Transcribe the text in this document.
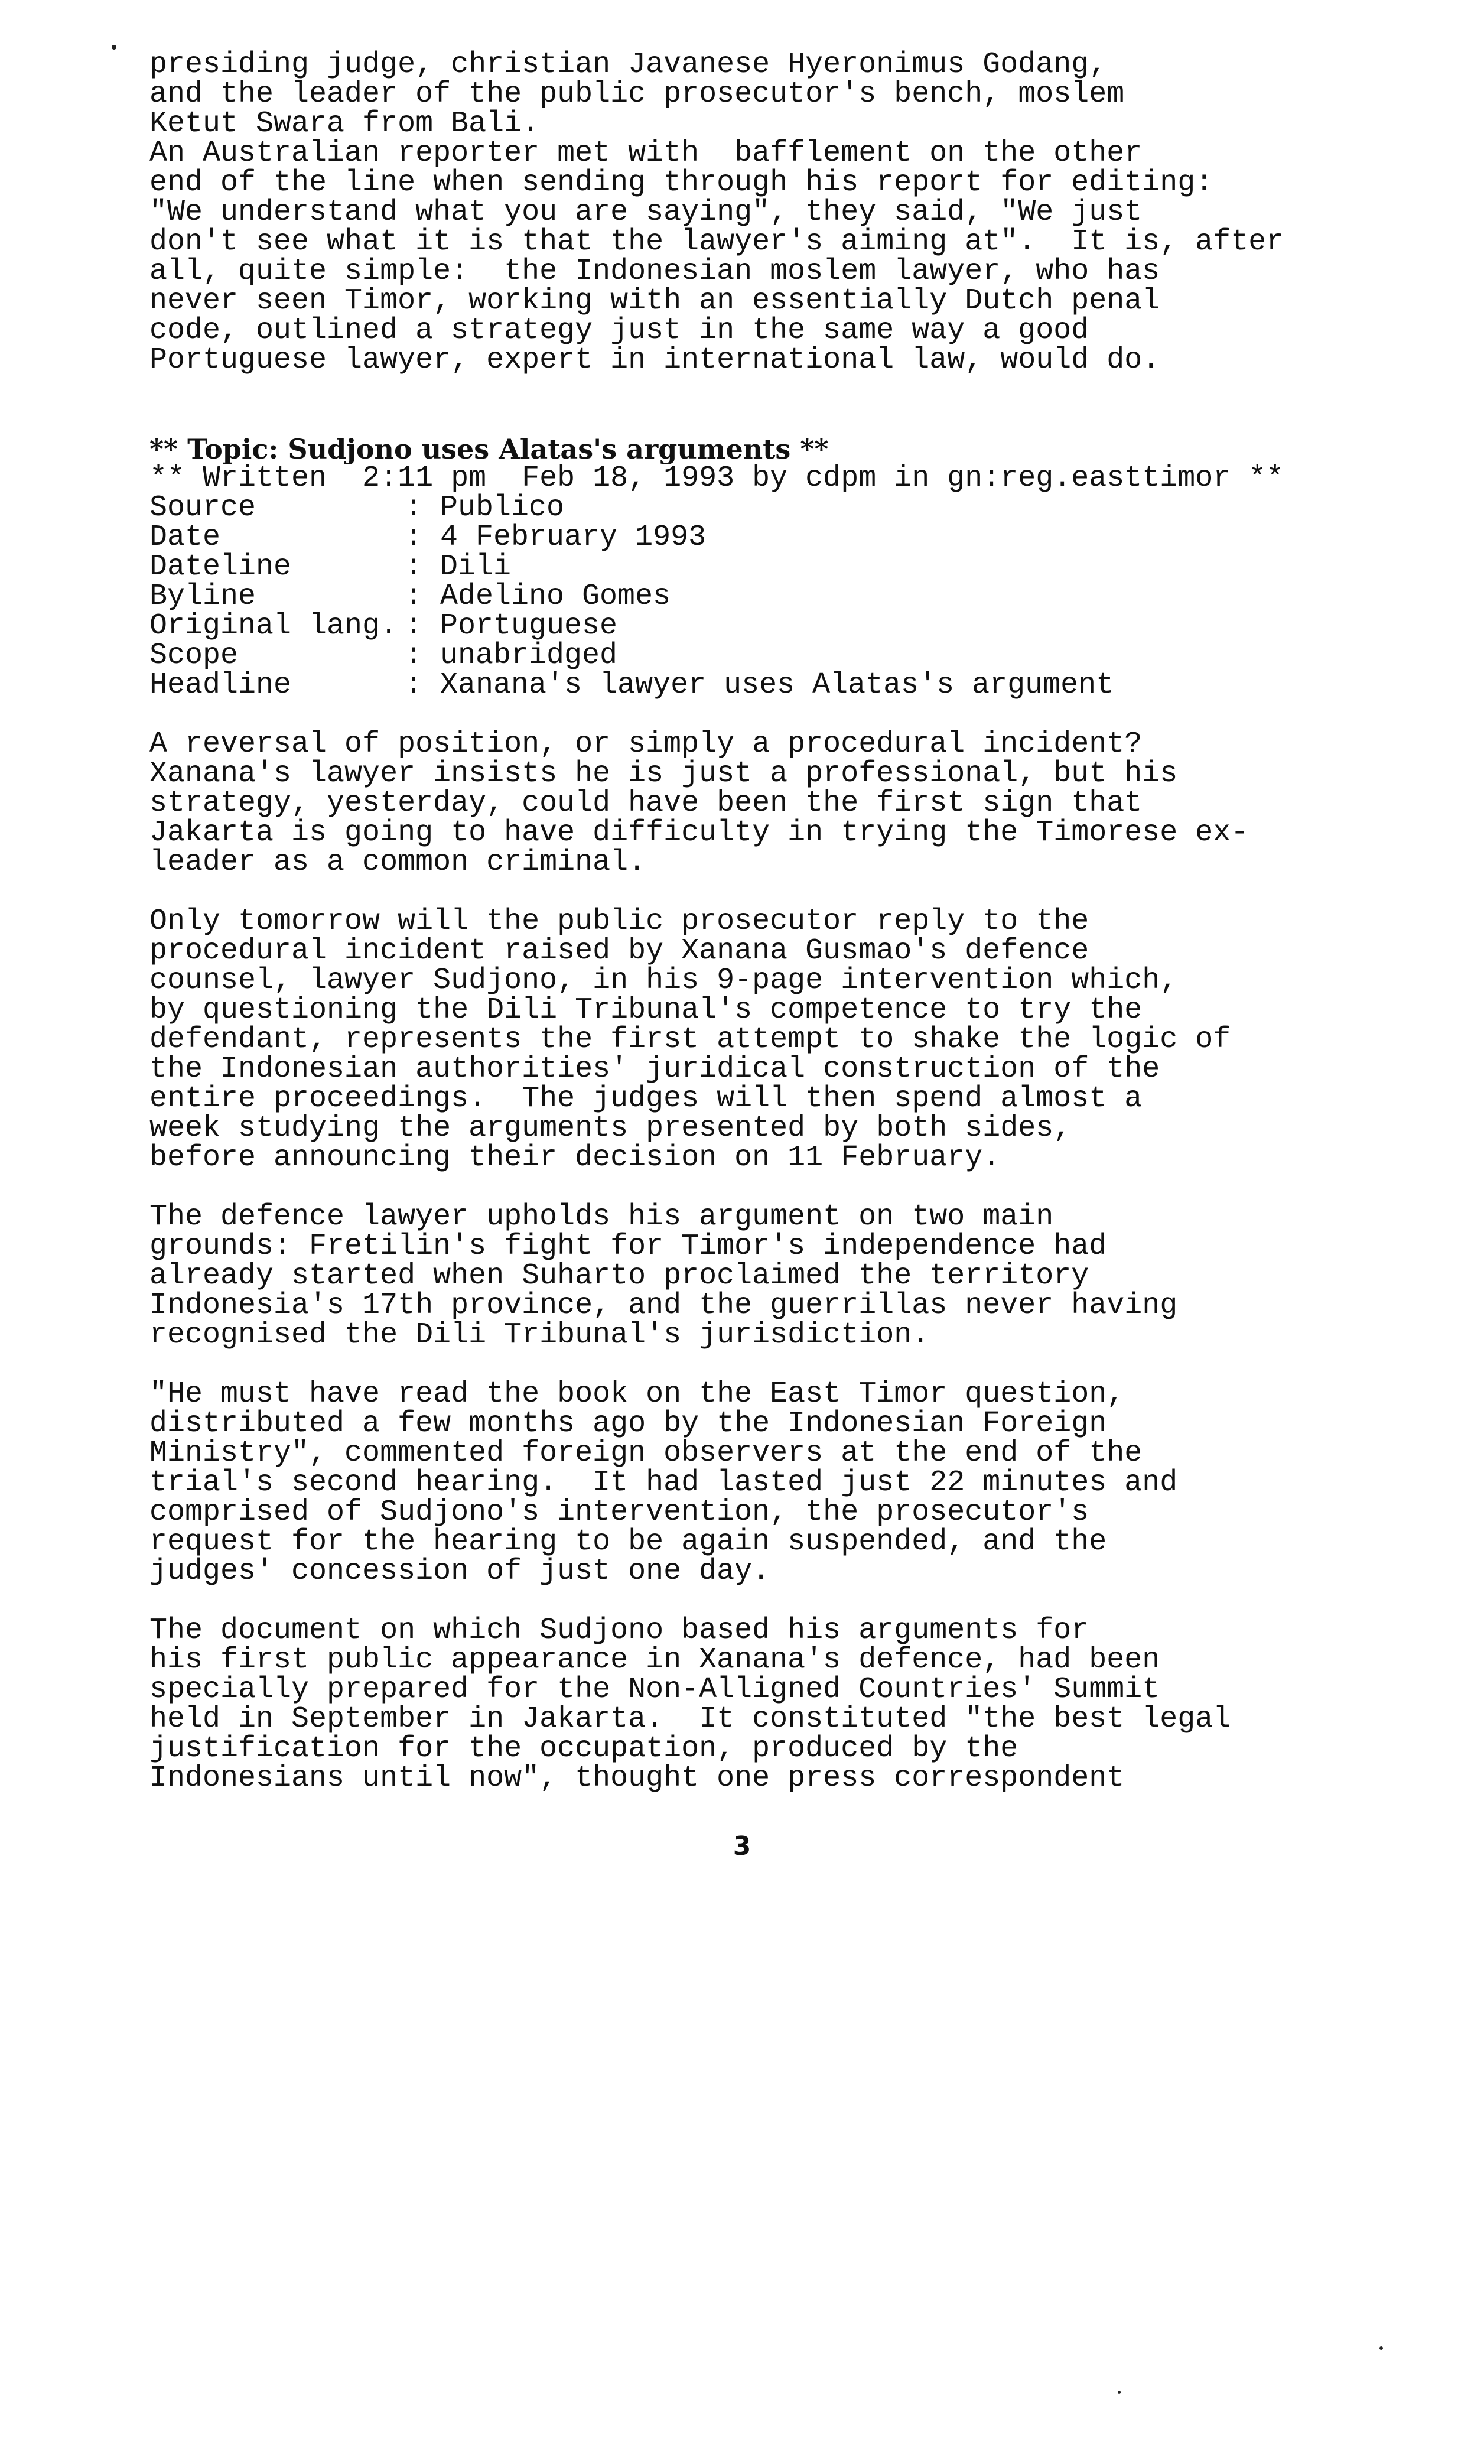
presiding judge, christian Javanese Hyeronimus Godang,
and the leader of the public prosecutor's bench, moslem
Ketut Swara from Bali.
An Australian reporter met with  bafflement on the other
end of the line when sending through his report for editing:
"We understand what you are saying", they said, "We just
don't see what it is that the lawyer's aiming at".  It is, after
all, quite simple:  the Indonesian moslem lawyer, who has
never seen Timor, working with an essentially Dutch penal
code, outlined a strategy just in the same way a good
Portuguese lawyer, expert in international law, would do.
** Topic: Sudjono uses Alatas's arguments **
** Written  2:11 pm  Feb 18, 1993 by cdpm in gn:reg.easttimor **
Source	: Publico
Date	: 4 February 1993
Dateline	: Dili
Byline	: Adelino Gomes
Original lang. : Portuguese
Scope	: unabridged
Headline	: Xanana's lawyer uses Alatas's argument
A reversal of position, or simply a procedural incident?
Xanana's lawyer insists he is just a professional, but his
strategy, yesterday, could have been the first sign that
Jakarta is going to have difficulty in trying the Timorese ex-
leader as a common criminal.
Only tomorrow will the public prosecutor reply to the
procedural incident raised by Xanana Gusmao's defence
counsel, lawyer Sudjono, in his 9-page intervention which,
by questioning the Dili Tribunal's competence to try the
defendant, represents the first attempt to shake the logic of
the Indonesian authorities' juridical construction of the
entire proceedings.  The judges will then spend almost a
week studying the arguments presented by both sides,
before announcing their decision on 11 February.
The defence lawyer upholds his argument on two main
grounds: Fretilin's fight for Timor's independence had
already started when Suharto proclaimed the territory
Indonesia's 17th province, and the guerrillas never having
recognised the Dili Tribunal's jurisdiction.
"He must have read the book on the East Timor question,
distributed a few months ago by the Indonesian Foreign
Ministry", commented foreign observers at the end of the
trial's second hearing.  It had lasted just 22 minutes and
comprised of Sudjono's intervention, the prosecutor's
request for the hearing to be again suspended, and the
judges' concession of just one day.
The document on which Sudjono based his arguments for
his first public appearance in Xanana's defence, had been
specially prepared for the Non-Alligned Countries' Summit
held in September in Jakarta.  It constituted "the best legal
justification for the occupation, produced by the
Indonesians until now", thought one press correspondent
3
